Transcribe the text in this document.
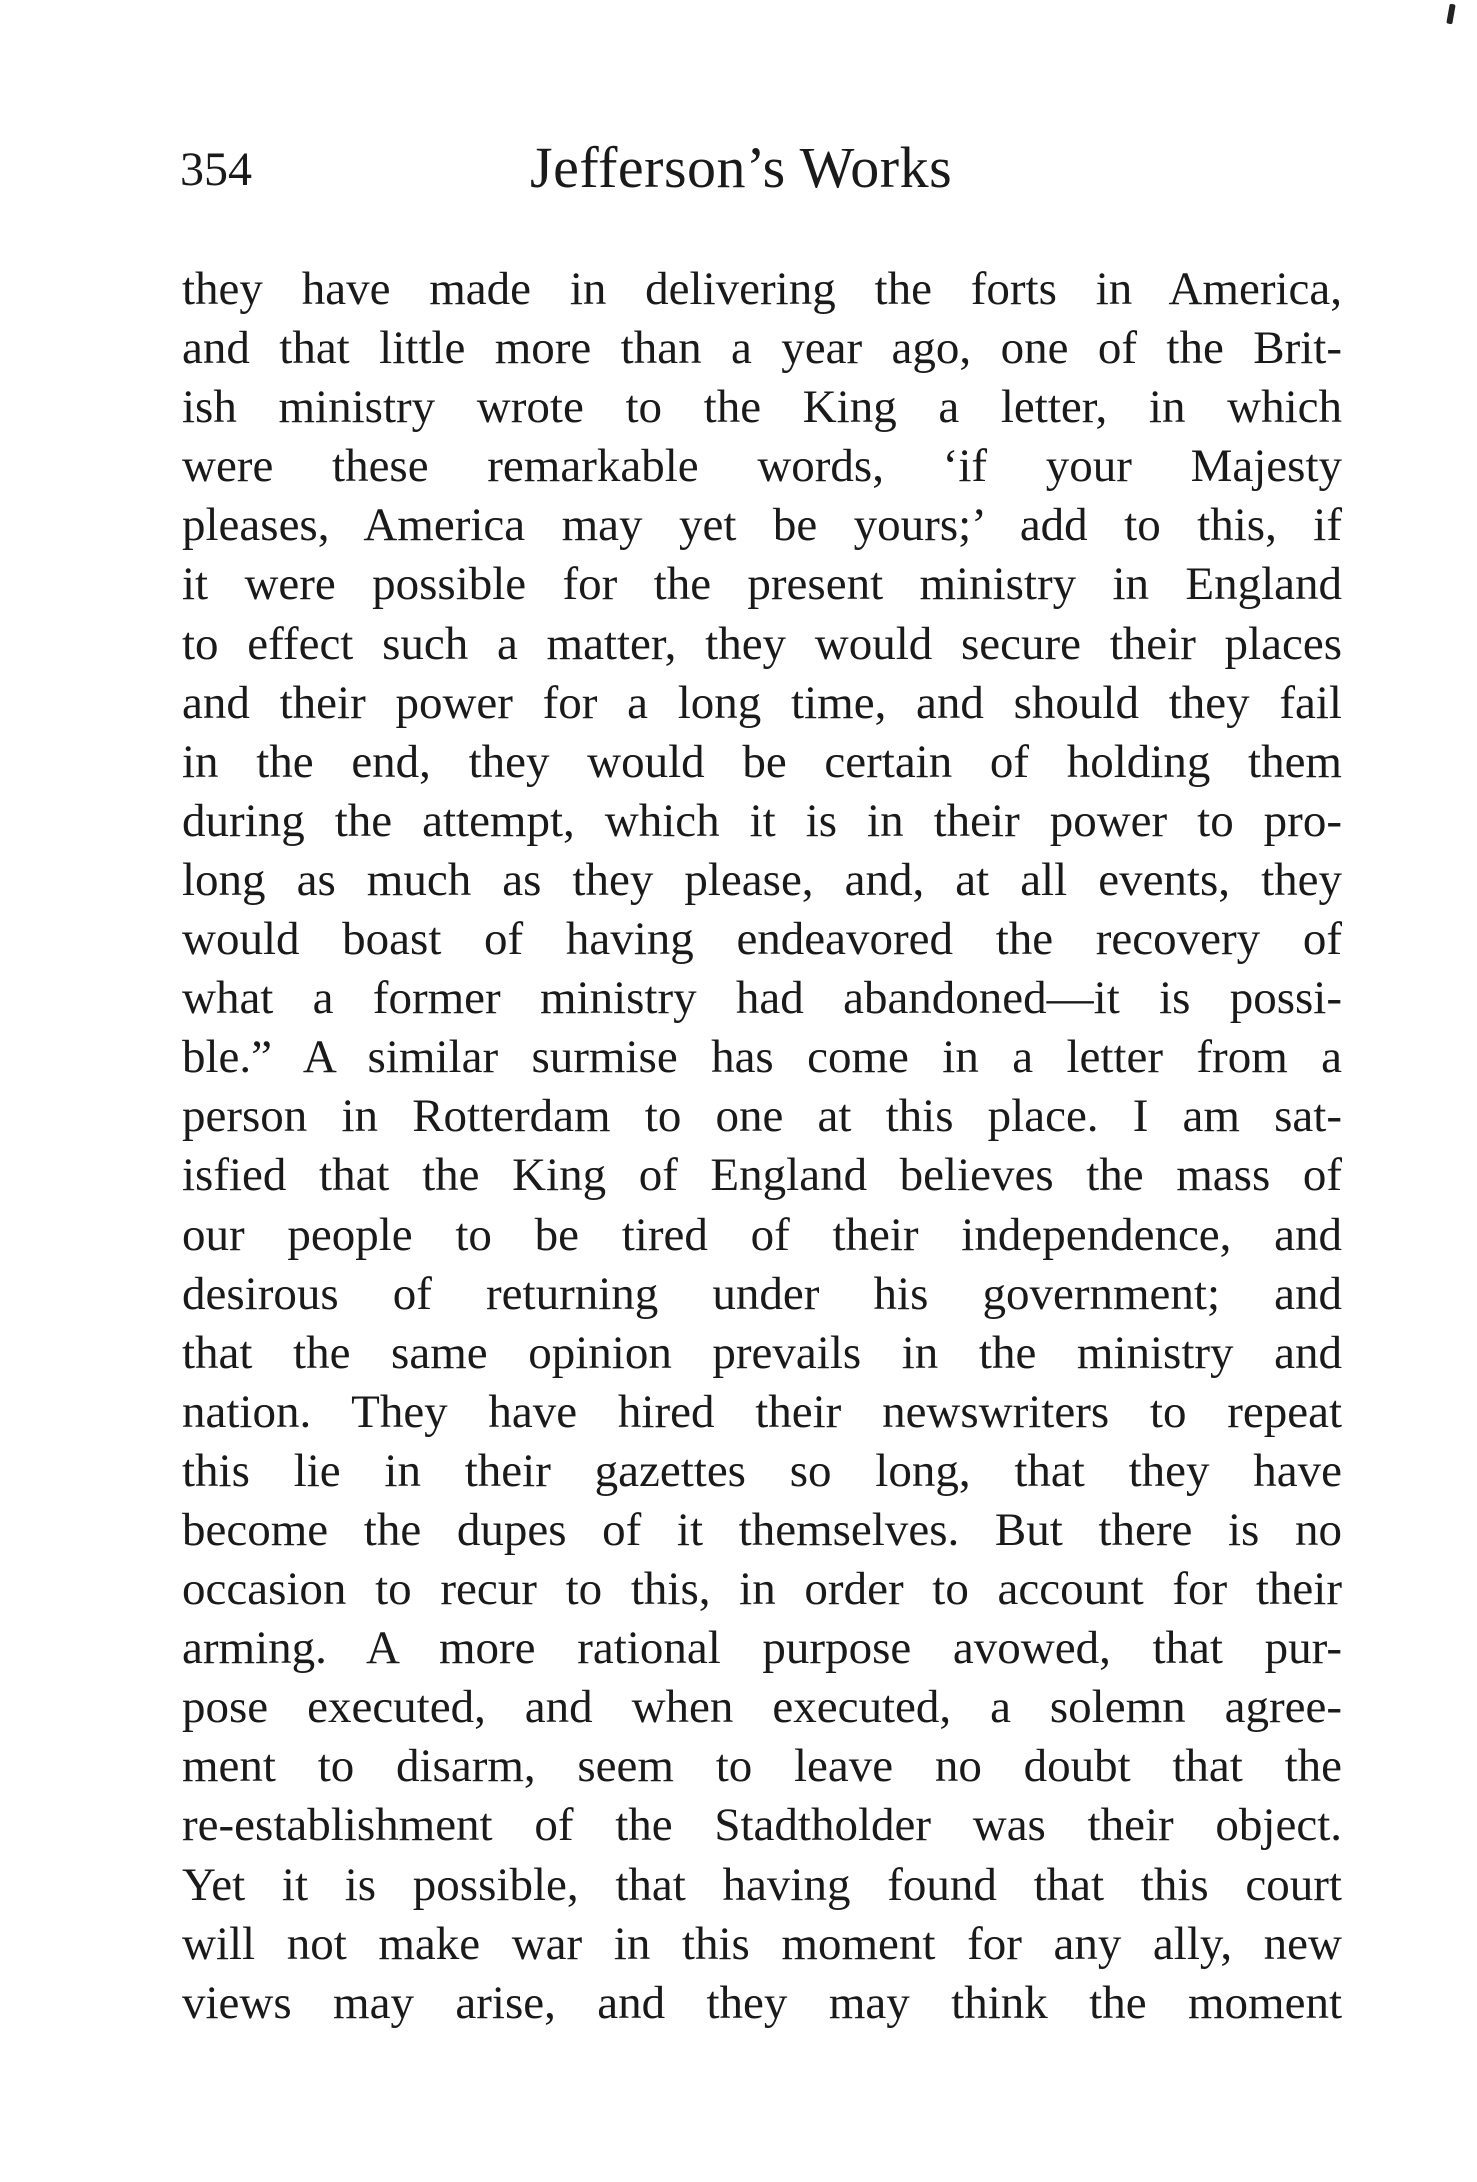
354	Jefferson’s Works
they have made in delivering the forts in America,
and that little more than a year ago, one of the Brit-
ish ministry wrote to the King a letter, in which
were these remarkable words, ‘if your Majesty
pleases, America may yet be yours;’ add to this, if
it were possible for the present ministry in England
to effect such a matter, they would secure their places
and their power for a long time, and should they fail
in the end, they would be certain of holding them
during the attempt, which it is in their power to pro-
long as much as they please, and, at all events, they
would boast of having endeavored the recovery of
what a former ministry had abandoned—it is possi-
ble.” A similar surmise has come in a letter from a
person in Rotterdam to one at this place. I am sat-
isfied that the King of England believes the mass of
our people to be tired of their independence, and
desirous of returning under his government; and
that the same opinion prevails in the ministry and
nation. They have hired their newswriters to repeat
this lie in their gazettes so long, that they have
become the dupes of it themselves. But there is no
occasion to recur to this, in order to account for their
arming. A more rational purpose avowed, that pur-
pose executed, and when executed, a solemn agree-
ment to disarm, seem to leave no doubt that the
re-establishment of the Stadtholder was their object.
Yet it is possible, that having found that this court
will not make war in this moment for any ally, new
views may arise, and they may think the moment
